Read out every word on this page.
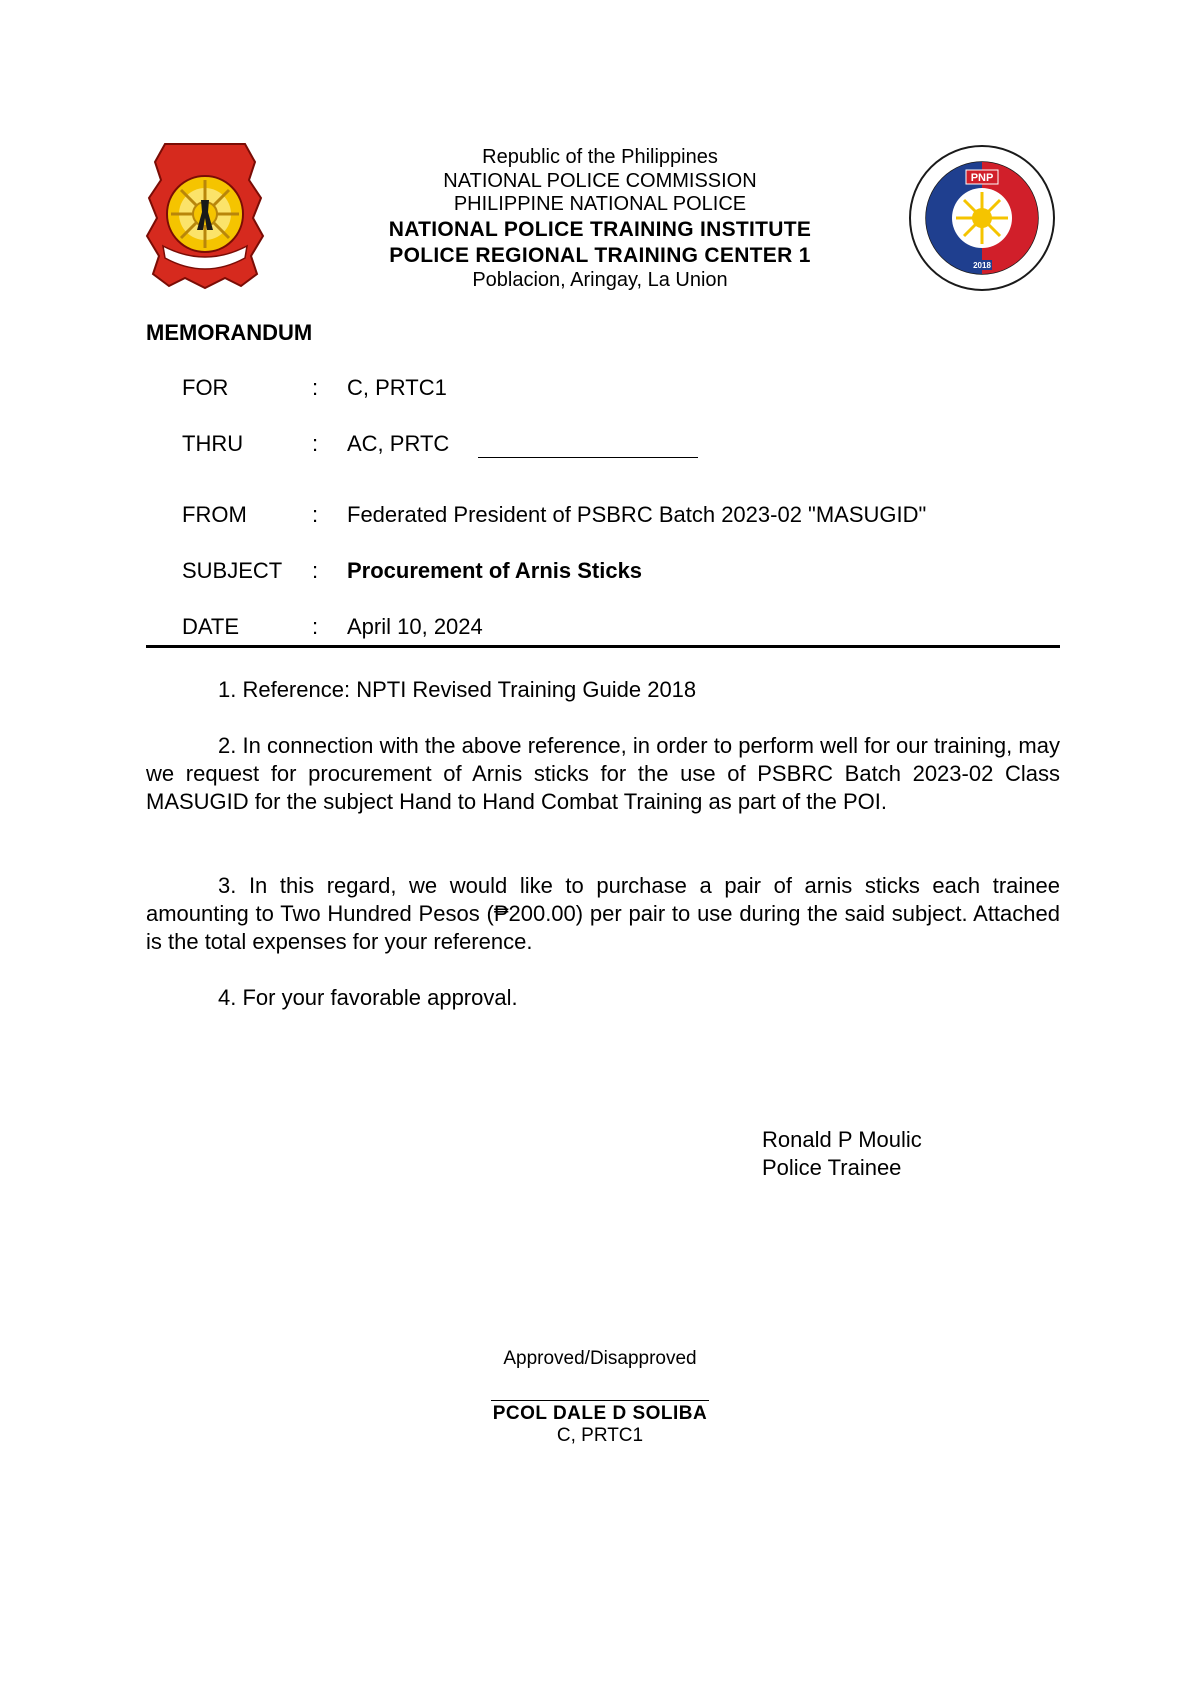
Republic of the Philippines
NATIONAL POLICE COMMISSION
PHILIPPINE NATIONAL POLICE
NATIONAL POLICE TRAINING INSTITUTE
POLICE REGIONAL TRAINING CENTER 1
Poblacion, Aringay, La Union
PNP
2018
MEMORANDUM
FOR	: C, PRTC1
THRU	: AC, PRTC
FROM	: Federated President of PSBRC Batch 2023-02 "MASUGID"
SUBJECT	: Procurement of Arnis Sticks
DATE	: April 10, 2024
1. Reference: NPTI Revised Training Guide 2018
2. In connection with the above reference, in order to perform well for our training, may we request for procurement of Arnis sticks for the use of PSBRC Batch 2023-02 Class MASUGID for the subject Hand to Hand Combat Training as part of the POI.
3. In this regard, we would like to purchase a pair of arnis sticks each trainee amounting to Two Hundred Pesos (₱200.00) per pair to use during the said subject. Attached is the total expenses for your reference.
4. For your favorable approval.
Ronald P Moulic
Police Trainee
Approved/Disapproved
PCOL DALE D SOLIBA
C, PRTC1
